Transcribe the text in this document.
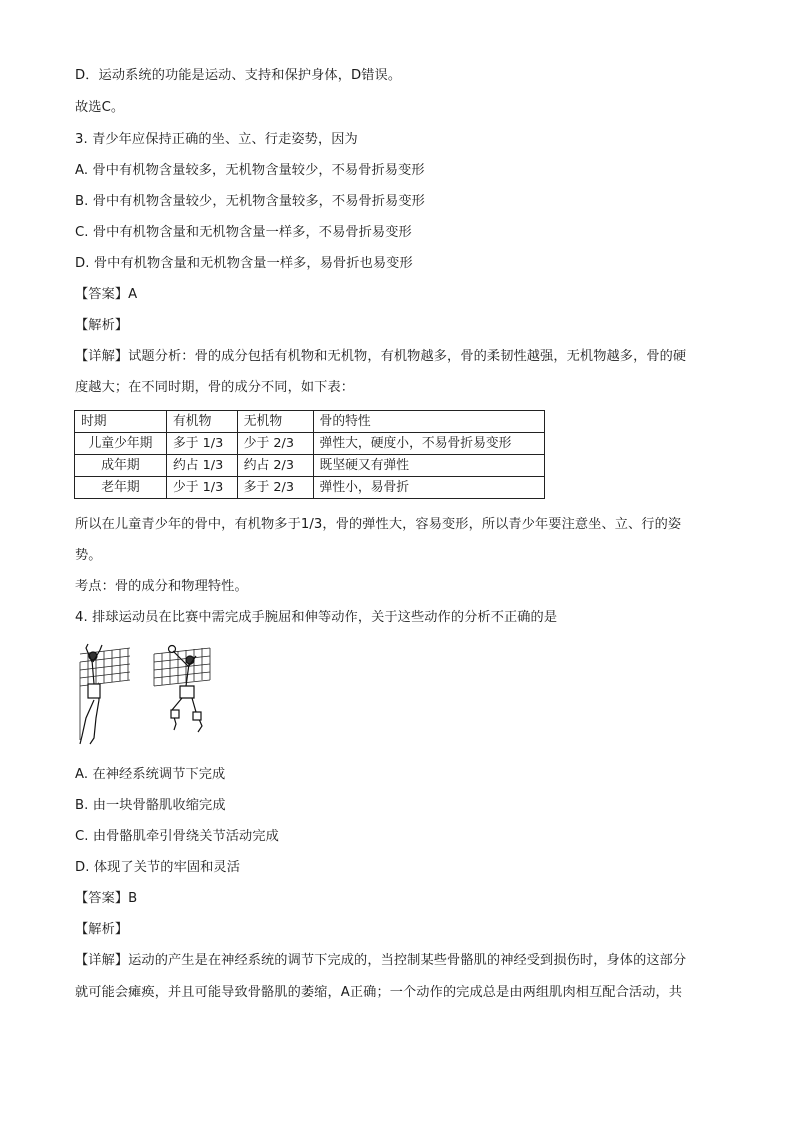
D．运动系统的功能是运动、支持和保护身体，D错误。
故选C。
3. 青少年应保持正确的坐、立、行走姿势，因为
A. 骨中有机物含量较多，无机物含量较少，不易骨折易变形
B. 骨中有机物含量较少，无机物含量较多，不易骨折易变形
C. 骨中有机物含量和无机物含量一样多，不易骨折易变形
D. 骨中有机物含量和无机物含量一样多，易骨折也易变形
【答案】A
【解析】
【详解】试题分析：骨的成分包括有机物和无机物，有机物越多，骨的柔韧性越强，无机物越多，骨的硬
度越大；在不同时期，骨的成分不同，如下表：
时期	有机物	无机物	骨的特性
儿童少年期	多于 1/3	少于 2/3	弹性大，硬度小，不易骨折易变形
成年期	约占 1/3	约占 2/3	既坚硬又有弹性
老年期	少于 1/3	多于 2/3	弹性小，易骨折
所以在儿童青少年的骨中，有机物多于1/3，骨的弹性大，容易变形，所以青少年要注意坐、立、行的姿
势。
考点：骨的成分和物理特性。
4. 排球运动员在比赛中需完成手腕屈和伸等动作，关于这些动作的分析不正确的是
A. 在神经系统调节下完成
B. 由一块骨骼肌收缩完成
C. 由骨骼肌牵引骨绕关节活动完成
D. 体现了关节的牢固和灵活
【答案】B
【解析】
【详解】运动的产生是在神经系统的调节下完成的，当控制某些骨骼肌的神经受到损伤时，身体的这部分
就可能会瘫痪，并且可能导致骨骼肌的萎缩，A正确；一个动作的完成总是由两组肌肉相互配合活动，共
